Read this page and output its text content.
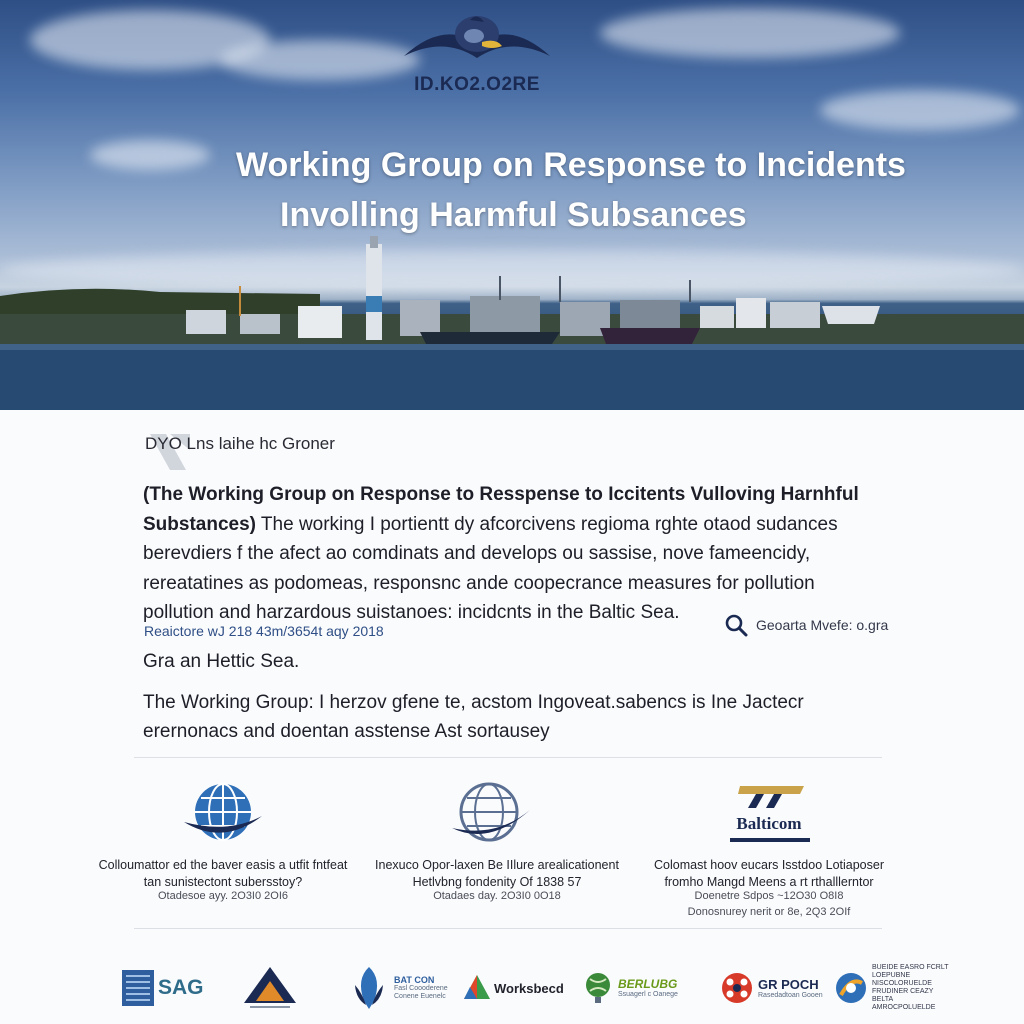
ID.KO2.O2RE
Working Group on Response to Incidents
Involling Harmful Subsances
DYO Lns laihe hc Groner
(The Working Group on Response to Resspense to Iccitents Vulloving Harnhful Substances) The working I portientt dy afcorcivens regioma rghte otaod sudances berevdiers f the afect ao comdinats and develops ou sassise, nove fameencidy, rereatatines as podomeas, responsnc ande coopecrance measures for pollution pollution and harzardous suistanoes: incidcnts in the Baltic Sea.
Reaictore wJ 218 43m/3654t aqy 2018	Geoarta Mvefe: o.gra
Gra an Hettic Sea.
The Working Group: I herzov gfene te, acstom Ingoveat.sabencs is Ine Jactecr erernonacs and doentan asstense Ast sortausey
Colloumattor ed the baver easis a utfit fntfeat tan sunistectont subersstoy?
Otadesoe ayy. 2O3I0 2OI6
Inexuco Opor-laxen Be IIlure arealicationent Hetlvbng fondenity Of 1838 57
Otadaes day. 2O3I0 0O18
Balticom
Colomast hoov eucars Isstdoo Lotiaposer fromho Mangd Meens a rt rthalllerntor
Doenetre Sdpos ~12O30 O8I8
Donosnurey nerit or 8e, 2Q3 2OIf
SAG	BAT CON
Fasl Coooderene Conene Euenelc
Worksbecd	BERLUBG
Ssuagerl c Oanege
GR POCH
Rasedadtoan Gooen
BUEIDE EASRO FCRLT LOEPUBNE NISCOLORUELDE FRUDINER CEAZY BELTA AMROCPOLUELDE
